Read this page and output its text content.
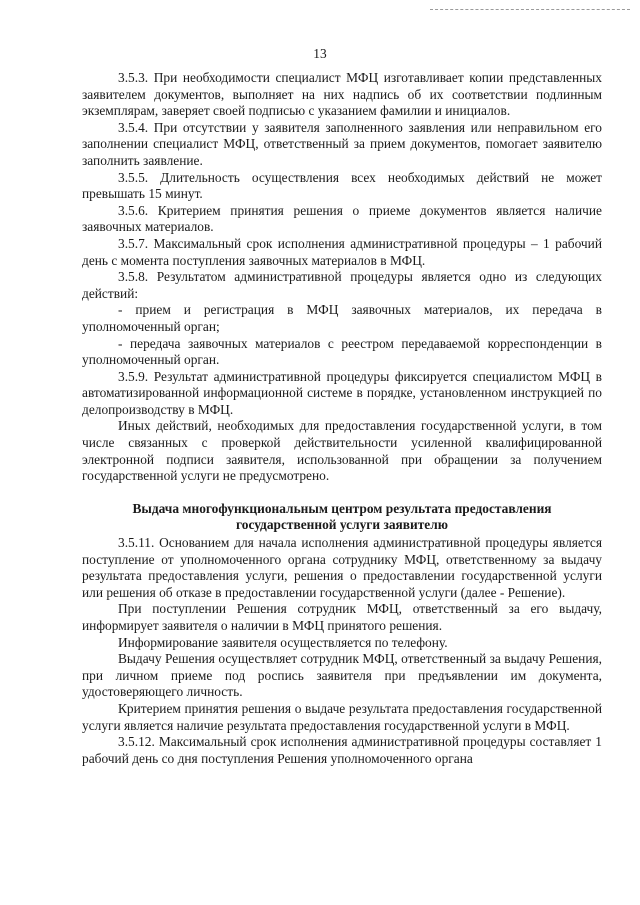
13

3.5.3. При необходимости специалист МФЦ изготавливает копии представленных заявителем документов, выполняет на них надпись об их соответствии подлинным экземплярам, заверяет своей подписью с указанием фамилии и инициалов.

3.5.4. При отсутствии у заявителя заполненного заявления или неправильном его заполнении специалист МФЦ, ответственный за прием документов, помогает заявителю заполнить заявление.

3.5.5. Длительность осуществления всех необходимых действий не может превышать 15 минут.

3.5.6. Критерием принятия решения о приеме документов является наличие заявочных материалов.

3.5.7. Максимальный срок исполнения административной процедуры – 1 рабочий день с момента поступления заявочных материалов в МФЦ.

3.5.8. Результатом административной процедуры является одно из следующих действий:

- прием и регистрация в МФЦ заявочных материалов, их передача в уполномоченный орган;

- передача заявочных материалов с реестром передаваемой корреспонденции в уполномоченный орган.

3.5.9. Результат административной процедуры фиксируется специалистом МФЦ в автоматизированной информационной системе в порядке, установленном инструкцией по делопроизводству в МФЦ.

Иных действий, необходимых для предоставления государственной услуги, в том числе связанных с проверкой действительности усиленной квалифицированной электронной подписи заявителя, использованной при обращении за получением государственной услуги не предусмотрено.

Выдача многофункциональным центром результата предоставления
государственной услуги заявителю

3.5.11. Основанием для начала исполнения административной процедуры является поступление от уполномоченного органа сотруднику МФЦ, ответственному за выдачу результата предоставления услуги, решения о предоставлении государственной услуги или решения об отказе в предоставлении государственной услуги (далее - Решение).

При поступлении Решения сотрудник МФЦ, ответственный за его выдачу, информирует заявителя о наличии в МФЦ принятого решения.

Информирование заявителя осуществляется по телефону.

Выдачу Решения осуществляет сотрудник МФЦ, ответственный за выдачу Решения, при личном приеме под роспись заявителя при предъявлении им документа, удостоверяющего личность.

Критерием принятия решения о выдаче результата предоставления государственной услуги является наличие результата предоставления государственной услуги в МФЦ.

3.5.12. Максимальный срок исполнения административной процедуры составляет 1 рабочий день со дня поступления Решения уполномоченного органа
